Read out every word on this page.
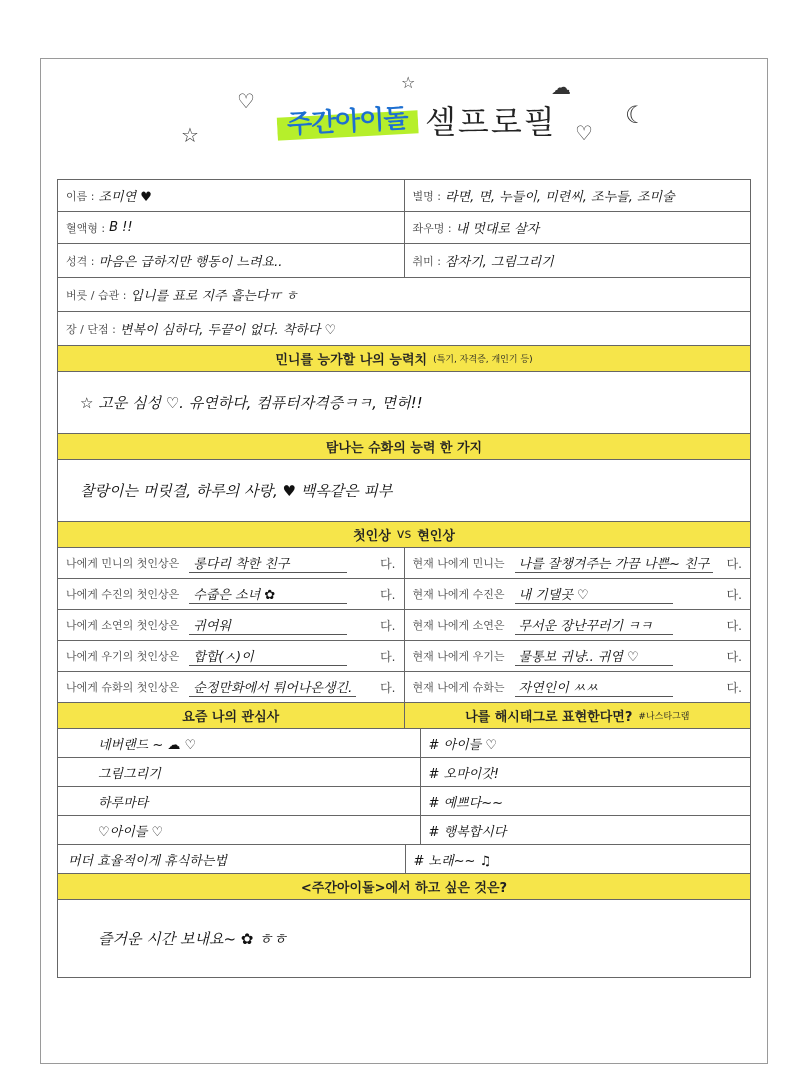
♡
☆
☆	☁
♡
☾
주간아이돌 셀프로필
이름 : 조미연 ♥	별명 : 라면, 면, 누들이, 미련씨, 조누들, 조미술
혈액형 : B !!	좌우명 : 내 멋대로 살자
성격 : 마음은 급하지만 행동이 느려요..	취미 : 잠자기, 그림그리기
버릇 / 습관 : 입니를 표로 지주 흘는다ㅠ ㅎ
장 / 단점 : 변복이 심하다, 두끝이 없다. 착하다 ♡
민니를 능가할 나의 능력치 (특기, 자격증, 개인기 등)
☆ 고운 심성 ♡. 유연하다, 컴퓨터자격증ㅋㅋ, 면허!!
탐나는 슈화의 능력 한 가지
찰랑이는 머릿결, 하루의 사랑, ♥ 백옥같은 피부
첫인상 vs 현인상
나에게 민니의 첫인상은	롱다리 착한 친구	다. 현재 나에게 민니는	나를 잘챙겨주는 가끔 나쁜~ 친구	다.
나에게 수진의 첫인상은	수줍은 소녀 ✿	다. 현재 나에게 수진은	내 기댈곳 ♡	다.
나에게 소연의 첫인상은	귀여워	다. 현재 나에게 소연은	무서운 장난꾸러기 ㅋㅋ	다.
나에게 우기의 첫인상은	합합(ㅅ)이	다. 현재 나에게 우기는	물통보 귀냥.. 귀염 ♡	다.
나에게 슈화의 첫인상은	순정만화에서 튀어나온생긴.	다. 현재 나에게 슈화는	자연인이 ㅆㅆ	다.
요즘 나의 관심사	나를 해시태그로 표현한다면? #나스타그램
네버랜드 ~ ☁ ♡	# 아이들 ♡
그림그리기	# 오마이갓!
하루마타	# 예쁘다~~
♡아이들 ♡	# 행복합시다
머더 효율적이게 휴식하는법	# 노래~~ ♫
<주간아이돌>에서 하고 싶은 것은?
즐거운 시간 보내요~ ✿ ㅎㅎ
